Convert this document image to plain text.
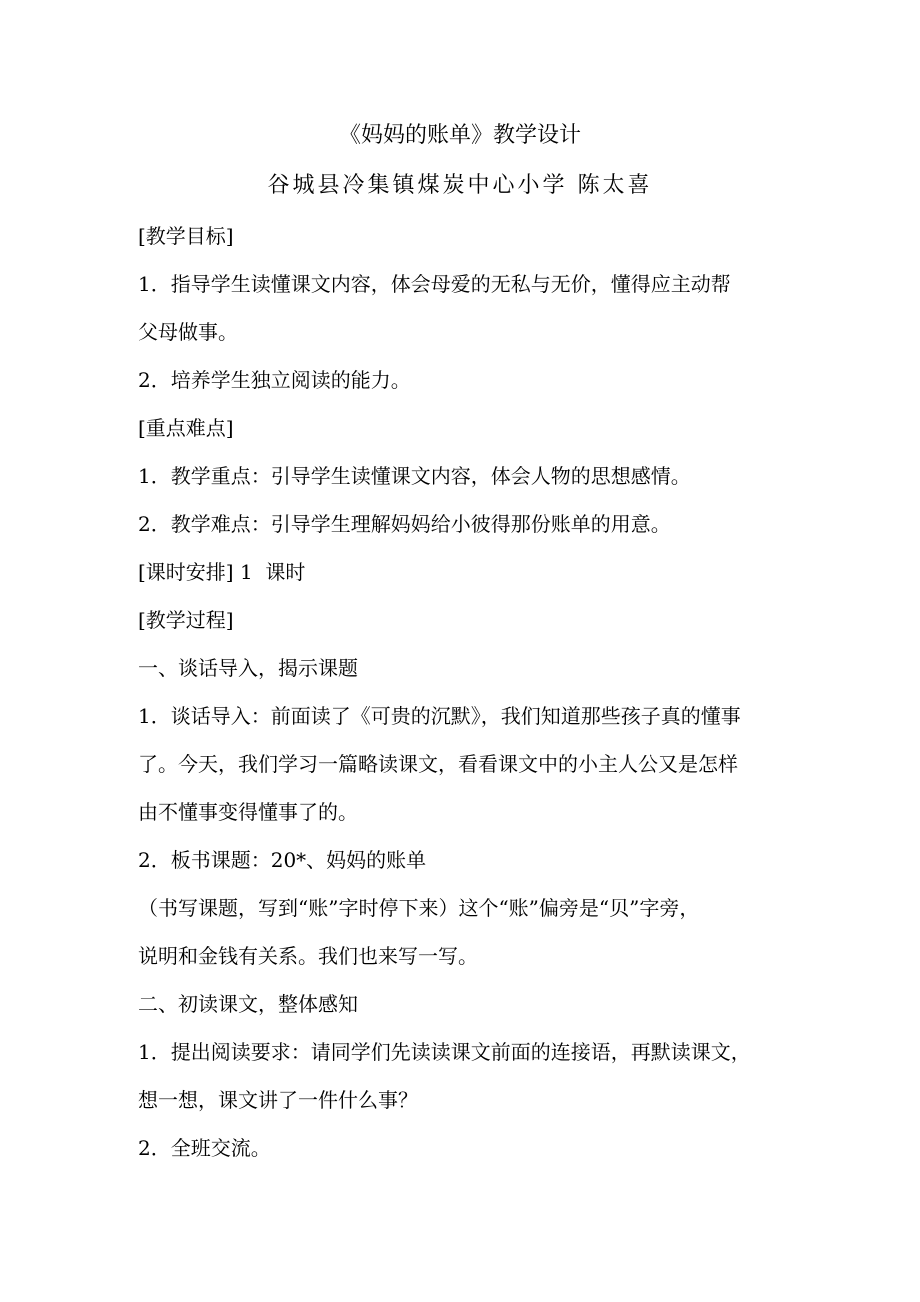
《妈妈的账单》教学设计
谷城县冷集镇煤炭中心小学 陈太喜

[教学目标]

1．指导学生读懂课文内容，体会母爱的无私与无价，懂得应主动帮

父母做事。

2．培养学生独立阅读的能力。

[重点难点]

1．教学重点：引导学生读懂课文内容，体会人物的思想感情。

2．教学难点：引导学生理解妈妈给小彼得那份账单的用意。

[课时安排] 1  课时

[教学过程]

一、谈话导入，揭示课题

1．谈话导入：前面读了《可贵的沉默》，我们知道那些孩子真的懂事

了。今天，我们学习一篇略读课文，看看课文中的小主人公又是怎样

由不懂事变得懂事了的。

2．板书课题：20*、妈妈的账单

（书写课题，写到“账”字时停下来）这个“账”偏旁是“贝”字旁，

说明和金钱有关系。我们也来写一写。

二、初读课文，整体感知

1．提出阅读要求：请同学们先读读课文前面的连接语，再默读课文，

想一想，课文讲了一件什么事？

2．全班交流。
